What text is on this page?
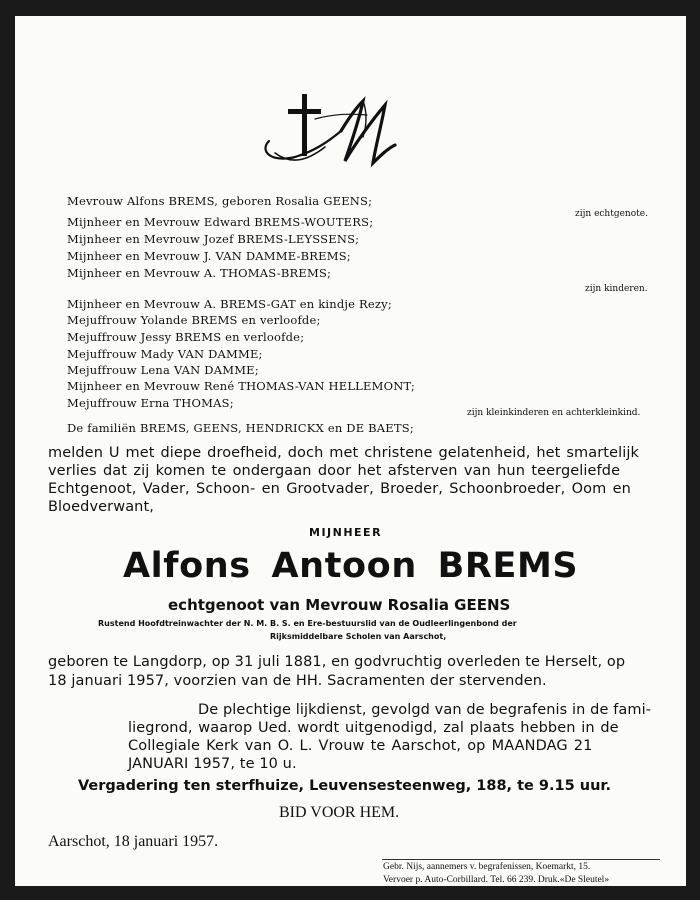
Mevrouw Alfons BREMS, geboren Rosalia GEENS;
zijn echtgenote.
Mijnheer en Mevrouw Edward BREMS-WOUTERS;
Mijnheer en Mevrouw Jozef BREMS-LEYSSENS;
Mijnheer en Mevrouw J. VAN DAMME-BREMS;
Mijnheer en Mevrouw A. THOMAS-BREMS;
zijn kinderen.
Mijnheer en Mevrouw A. BREMS-GAT en kindje Rezy;
Mejuffrouw Yolande BREMS en verloofde;
Mejuffrouw Jessy BREMS en verloofde;
Mejuffrouw Mady VAN DAMME;
Mejuffrouw Lena VAN DAMME;
Mijnheer en Mevrouw René THOMAS-VAN HELLEMONT;
Mejuffrouw Erna THOMAS;
zijn kleinkinderen en achterkleinkind.
De familiën BREMS, GEENS, HENDRICKX en DE BAETS;
melden U met diepe droefheid, doch met christene gelatenheid, het smartelijk
verlies dat zij komen te ondergaan door het afsterven van hun teergeliefde
Echtgenoot, Vader, Schoon- en Grootvader, Broeder, Schoonbroeder, Oom en
Bloedverwant,
MIJNHEER
Alfons Antoon BREMS
echtgenoot van Mevrouw Rosalia GEENS
Rustend Hoofdtreinwachter der N. M. B. S. en Ere-bestuurslid van de Oudleerlingenbond der
Rijksmiddelbare Scholen van Aarschot,
geboren te Langdorp, op 31 juli 1881, en godvruchtig overleden te Herselt, op
18 januari 1957, voorzien van de HH. Sacramenten der stervenden.
De plechtige lijkdienst, gevolgd van de begrafenis in de fami-
liegrond, waarop Ued. wordt uitgenodigd, zal plaats hebben in de
Collegiale Kerk van O. L. Vrouw te Aarschot, op MAANDAG 21
JANUARI 1957, te 10 u.
Vergadering ten sterfhuize, Leuvensesteenweg, 188, te 9.15 uur.
BID VOOR HEM.
Aarschot, 18 januari 1957.
Gebr. Nijs, aannemers v. begrafenissen, Koemarkt, 15.
Vervoer p. Auto-Corbillard. Tel. 66 239. Druk.«De Sleutel»
